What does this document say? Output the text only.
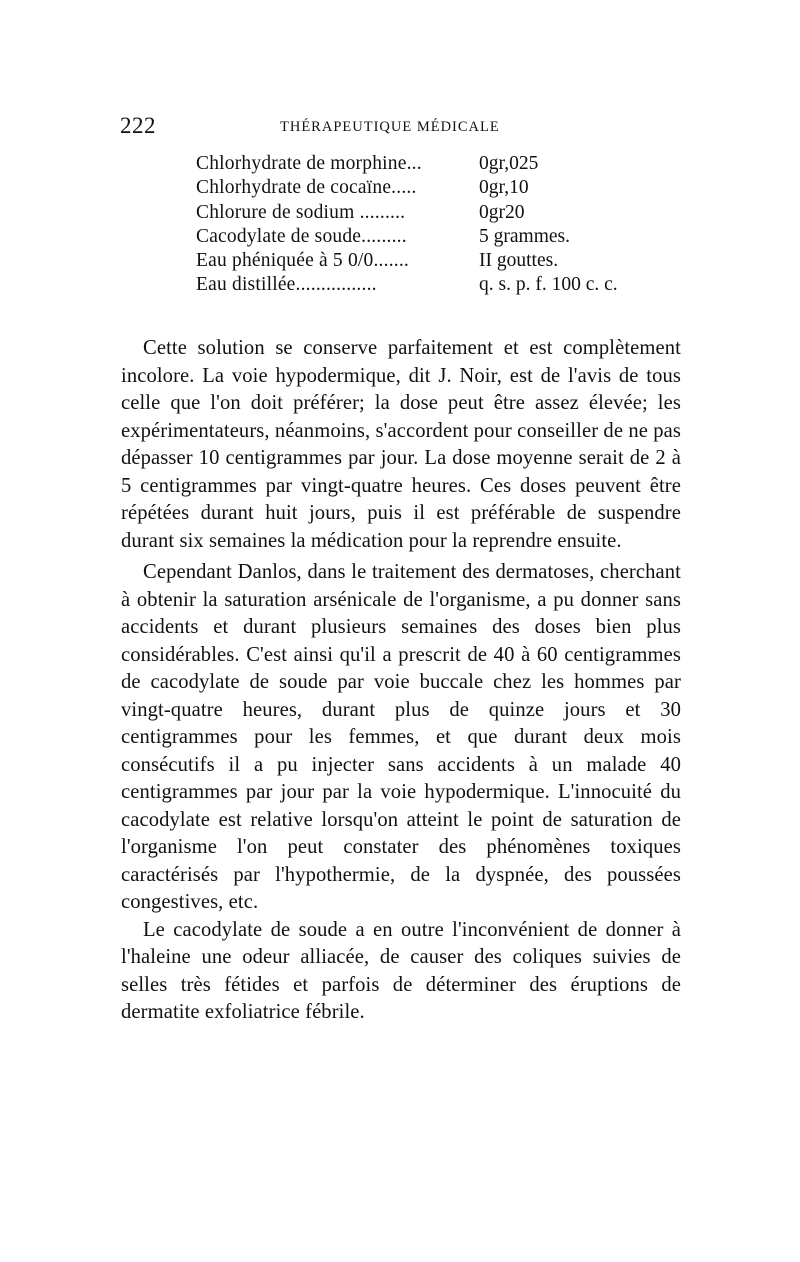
222	THÉRAPEUTIQUE MÉDICALE
Chlorhydrate de morphine...	0gr,025
Chlorhydrate de cocaïne.....	0gr,10
Chlorure de sodium .........	0gr20
Cacodylate de soude.........	5 grammes.
Eau phéniquée à 5 0/0.......	II gouttes.
Eau distillée................	q. s. p. f. 100 c. c.

Cette solution se conserve parfaitement et est complètement incolore. La voie hypodermique, dit J. Noir, est de l'avis de tous celle que l'on doit préférer; la dose peut être assez élevée; les expérimentateurs, néanmoins, s'accordent pour conseiller de ne pas dépasser 10 centigrammes par jour. La dose moyenne serait de 2 à 5 centigrammes par vingt-quatre heures. Ces doses peuvent être répétées durant huit jours, puis il est préférable de suspendre durant six semaines la médication pour la reprendre ensuite.

Cependant Danlos, dans le traitement des dermatoses, cherchant à obtenir la saturation arsénicale de l'organisme, a pu donner sans accidents et durant plusieurs semaines des doses bien plus considérables. C'est ainsi qu'il a prescrit de 40 à 60 centigrammes de cacodylate de soude par voie buccale chez les hommes par vingt-quatre heures, durant plus de quinze jours et 30 centigrammes pour les femmes, et que durant deux mois consécutifs il a pu injecter sans accidents à un malade 40 centigrammes par jour par la voie hypodermique. L'innocuité du cacodylate est relative lorsqu'on atteint le point de saturation de l'organisme l'on peut constater des phénomènes toxiques caractérisés par l'hypothermie, de la dyspnée, des poussées congestives, etc.

Le cacodylate de soude a en outre l'inconvénient de donner à l'haleine une odeur alliacée, de causer des coliques suivies de selles très fétides et parfois de déterminer des éruptions de dermatite exfoliatrice fébrile.
